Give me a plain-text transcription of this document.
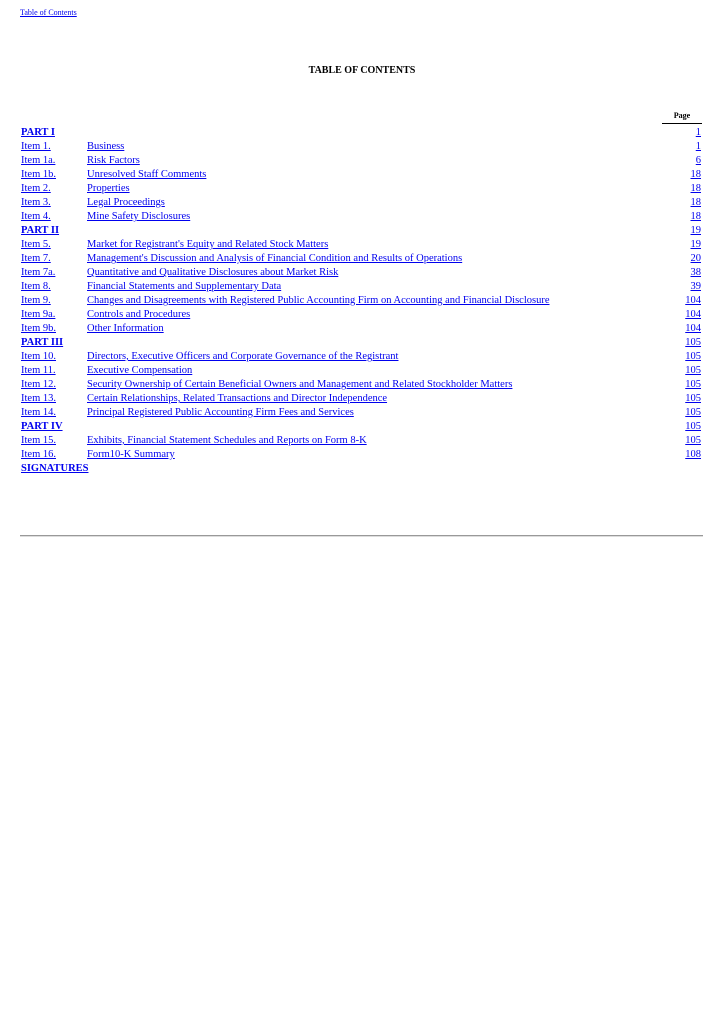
Table of Contents
TABLE OF CONTENTS
Page
PART I	1
Item 1.	Business	1
Item 1a.	Risk Factors	6
Item 1b.	Unresolved Staff Comments	18
Item 2.	Properties	18
Item 3.	Legal Proceedings	18
Item 4.	Mine Safety Disclosures	18
PART II	19
Item 5.	Market for Registrant's Equity and Related Stock Matters	19
Item 7.	Management's Discussion and Analysis of Financial Condition and Results of Operations	20
Item 7a.	Quantitative and Qualitative Disclosures about Market Risk	38
Item 8.	Financial Statements and Supplementary Data	39
Item 9.	Changes and Disagreements with Registered Public Accounting Firm on Accounting and Financial Disclosure	104
Item 9a.	Controls and Procedures	104
Item 9b.	Other Information	104
PART III	105
Item 10.	Directors, Executive Officers and Corporate Governance of the Registrant	105
Item 11.	Executive Compensation	105
Item 12.	Security Ownership of Certain Beneficial Owners and Management and Related Stockholder Matters	105
Item 13.	Certain Relationships, Related Transactions and Director Independence	105
Item 14.	Principal Registered Public Accounting Firm Fees and Services	105
PART IV	105
Item 15.	Exhibits, Financial Statement Schedules and Reports on Form 8-K	105
Item 16.	Form10-K Summary	108
SIGNATURES
